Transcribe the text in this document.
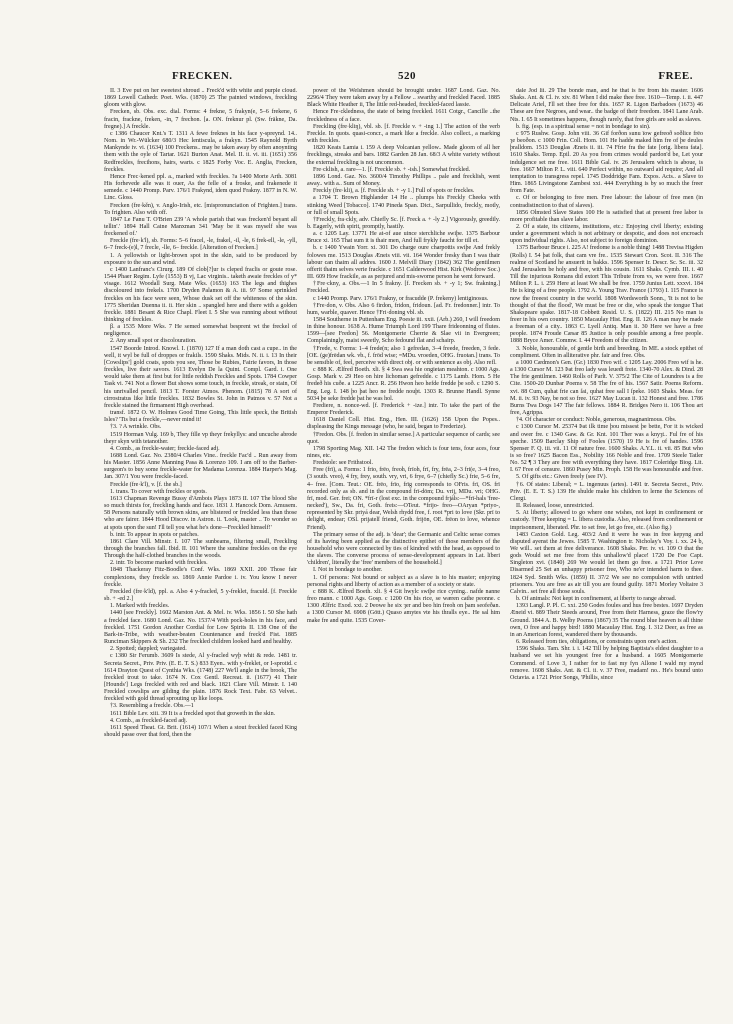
FRECKEN.	520	FREE.

II. 3 Eve put on her sweetest shroud .. Freck'd with white and purple cloud. 1869 Lowell Cathedr. Poet. Wks. (1870) 25 The painted windows, freckling gloom with glow.

Frecken, sb. Obs. exc. dial. Forms: 4 frekne, 5 frakyn(e, 5–6 frekene, 6 fracin, frackne, freken, -in, 7 frechon. [a. ON. freknur pl. (Sw. fräkne, Da. fregne).] A freckle.

c 1386 Chaucer Knt.'s T. 1311 A fewe freknes in his face y-spreynd. 14.. Nom. in Wr.-Wülcker 680/3 Hec lentiscula, a frakyn. 1545 Raynold Byrth Mankynde iv. vi. (1634) 100 Freckens.. may be taken away by often anoynting them with the oyle of Tartar. 1621 Burton Anat. Mel. II. ii. vi. iii. (1651) 356 Redfreckles, frecihons, hairs, warts. c 1825 Forby Voc. E. Anglia, Frecken, freckles.

Hence Frec·kened ppl. a., marked with freckles. ?a 1400 Morte Arth. 3081 His forhevede alle was it ouer, As the felle of a froske, and frakenede it semede. c 1440 Promp. Parv. 176/1 Frakynd, idem quod Frakny. 1877 in N. W. Linc. Gloss.

Frecken (fre·kěn), v. Anglo-Irish, etc. [mispronunciation of Frighten.] trans. To frighten. Also with off.

1847 Le Fanu T. O'Brien 239 'A whole parish that was frecken'd beyant all tellin'.' 1894 Hall Caine Manxman 341 'May be it was myself she was freckened of.'

Freckle (fre·k'l), sb. Forms: 5–6 fracel, -le, frakel, -il, -le, 6 frek-ell, -le, -yll, 6–7 freck-(e)l, 7 frecle, -lle, 6– freckle. [Alteration of Frecken.]

1. A yellowish or light-brown spot in the skin, said to be produced by exposure to the sun and wind.

c 1400 Lanfranc's Cirurg. 189 Of clob[?]ur is cleped fraclis or goute rose. 1544 Phaer Regim. Lyfe (1553) B vj, Lac virginis.. taketh awaie freckles of y* visage. 1612 Woodall Surg. Mate Wks. (1653) 163 The legs and thighes discoloured into frekels. 1700 Dryden Palamon & A. iii. 97 Some sprinkled freckles on his face were seen, Whose dusk set off the whiteness of the skin. 1775 Sheridan Duenna ii. ii. Her skin .. spangled here and there with a golden freckle. 1881 Besant & Rice Chapl. Fleet I. 5 She was running about without thinking of freckles.

β. a 1535 More Wks. 7 He semed somewhat besprent wt the freckel of negligence.

2. Any small spot or discolouration.

1547 Boorde Introd. Knowl. I. (1870) 127 If a man doth cast a cupe.. in the well, it wyl be full of droppes or frakils. 1590 Shaks. Mids. N. ii. i. 13 In their [Cowslips'] gold coats, spots you see, Those be Rubies, Fairie favors, In those freckles, live their savors. 1613 Evelyn De la Quint. Compl. Gard. i. One would take them at first but for little reddish Freckles and Spots. 1784 Cowper Task vi. 741 Not a flower But shows some touch, in freckle, streak, or stain, Of his unrivalled pencil. 1813 T. Forster Atmos. Phenom. (1815) 78 A sort of cirrostratus like little freckles. 1832 Bowles St. John in Patmos v. 57 Not a freckle stained the firmament High overhead.

transf. 1872 O. W. Holmes Good Time Going, This little speck, the British Isles? 'Tis but a freckle,—never mind it!

†3. ? A wrinkle. Obs.

1519 Horman Vulg. 169 b, They fille vp theyr frekyllys: and uncuche abrode theyr skyn with tetanother.

4. Comb., as freckle-water; freckle-faced adj.

1688 Lond. Gaz. No. 2380/4 Charles Vine.. freckle Fac'd .. Run away from his Master. 1856 Anne Manning Pasa & Lorenzo 109. I am off to the Barber-surgeon's to buy some freckle-water for Madama Lorenza. 1884 Harper's Mag. Jan. 307/1 You were freckle-faced.

Freckle (fre·k'l), v. [f. the sb.]

1. trans. To cover with freckles or spots.

1613 Chapman Revenge Bussy d'Ambois Plays 1873 II. 107 The blood She so much thirsts for, freckling hands and face. 1831 J. Hancock Dom. Amusem. 58 Persons naturally with brown skins, are blistered or freckled less than those who are fairer. 1844 Hood Discov. in Astron. ii. 'Look, master .. To wonder so at spots upon the sun! I'll tell you what he's done—Freckled himself!'

b. intr. To appear in spots or patches.

1861 Clare Vill. Minstr. I. 107 The sunbeams, filtering small, Freckling through the branches fall. Ibid. II. 101 Where the sunshine freckles on the eye Through the half-clothed branches in the woods.

2. intr. To become marked with freckles.

1848 Thackeray Fitz-Boodle's Conf. Wks. 1869 XXII. 200 Those fair complexions, they freckle so. 1869 Annie Pardoe i. iv. You know I never freckle.

Freckled (fre·k'ld), ppl. a. Also 4 y-fracled, 5 y-freklet, fraculd. [f. Freckle sb. + -ed 2.]

1. Marked with freckles.

1440 [see Freckly]. 1602 Marston Ant. & Mel. iv. Wks. 1856 I. 50 She hath a freckled face. 1680 Lond. Gaz. No. 1537/4 With pock-holes in his face, and freckled. 1751 Gordon Another Cordial for Low Spirits II. 138 One of the Bark-in-Tribe, with weather-beaten Countenance and freck'd Fist. 1885 Runciman Skippers & Sh. 232 The freckled children looked hard and healthy.

2. Spotted; dappled; variegated.

c 1380 Sir Ferumb. 3609 Is stede, Al y-fracled wyþ whit & rede. 1481 tr. Secreta Secret., Priv. Priv. (E. E. T. S.) 833 Eyen.. with y-freklet, or I-sprotid. c 1614 Drayton Quest of Cynthia Wks. (1748) 227 We'll angle in the brook, The freckled trout to take. 1674 N. Cox Gentl. Recreat. ii. (1677) 41 Their [Hounds'] Legs freckled with red and black. 1821 Clare Vill. Minstr. I. 140 Freckled cowslips are gilding the plain. 1876 Rock Text. Fabr. 63 Velvet.. freckled with gold thread sprouting up like loops.

†3. Resembling a freckle. Obs.—1

1611 Bible Lev. xiii. 39 It is a freckled spot that groweth in the skin.

4. Comb., as freckled-faced adj.

1611 Speed Theat. Gt. Brit. (1614) 107/1 When a stout freckled faced King should passe over that ford, then the

power of the Welshmen should be brought under. 1687 Lond. Gaz. No. 2296/4 They were taken away by a Fellow .. swarthy and freckled Faced. 1885 Black White Heather ii, The little red-headed, freckled-faced lassie.

Hence Fre·ckledness, the state of being freckled. 1611 Cotgr., Cancille ..the freckledness of a face.

Freckling (fre·kliŋ), vbl. sb. [f. Freckle v. + -ing 1.] The action of the verb Freckle. In quots. quasi-concr., a mark like a freckle. Also collect., a marking with freckles.

1820 Keats Lamia i. 159 A deep Volcanian yellow.. Made gloom of all her frecklings, streaks and bars. 1882 Garden 28 Jan. 68/3 A white variety without the external freckling is not uncommon.

Fre·cklish, a. rare—1. [f. Freckle sb. + -ish.] Somewhat freckled.

1896 Lond. Gaz. No. 3600/4 Timothy Phillips .. pale and frecklish, went away.. with a.. Sum of Money.

Freckly (fre·kli), a. [f. Freckle sb. + -y 1.] Full of spots or freckles.

a 1704 T. Brown Highlander 14 He .. plumps his Freckly Cheeks with stinking Weed [Tobacco]. 1740 Pineda Span. Dict., Sarpullido, freckly, motly, or full of small Spots.

†Freckly, fra·ckly, adv. Chiefly Sc. [f. Freck a. + -ly 2.] Vigorously, greedily. b. Eagerly, with spirit, promptly, hastily.

a. c 1205 Lay. 13771 He at-of aue uince sterchliche swiþe. 1375 Barbour Bruce xi. 165 That sum it is thair men, And full frykly faucht for till et.

b. c 1400 Ywain Yorr. xi. 301 Do charge oure charpottis swiþe And frekly folowes me. 1513 Douglas Æneis viii. vii. 164 Wonder fresky than I was thair labour can thaim all addres. 1600 J. Melvill Diary (1842) 362 The gentilmen offerit thaim selves verie frackie. c 1651 Calderwood Hist. Kirk (Wodrow Soc.) III. 609 How frackile, as as perjured and mis-sworne person he went forward.

†Fre·ckny, a. Obs.—1 In 5 frakny. [f. Frecken sb. + -y 1; Sw. frakning.] Freckled.

c 1440 Promp. Parv. 176/1 Frakny, or fracudde (P. frekeny) lentiginosus.

†Fre·don, v. Obs. Also 6 firdon, fridon, fridoun. [ad. Fr. fredonner.] intr. To hum, warble, quaver. Hence †Fri·doning vbl. sb.

1584 Southerne in Puttenham Eng. Poesie iii. xxii. (Arb.) 260, I will freedom in thine honour. 1638 A. Hume Triumph Lord 199 Thare frideonning of flutes. 1599—[see Fredon] 56. Montgomerie Cherrie & Slae vii in Evergreen; Complainingly, maist sweetly, Scho fedound flat and schairp.

†Frede, v. Forms: 1–4 frede(n; also 1 gefredan, 3–4 freede, freeden, 3 fede. [OE. (ge)frēdan wk. vb., f. frōd wise; =MDu. vroeden, OHG. fruotan.] trans. To be sensible of, feel, perceive with direct obj. or with sentence as obj. Also refl.

c 888 K. Ælfred Boeth. xli. § 4 Swa swa hie ongietan meahton. c 1000 Ags. Gosp. Mark v. 29 Heo on hire lichoman gefredde. c 1175 Lamb. Hom. 5 He fredeð his cuðe. a 1225 Ancr. R. 256 Hwon heo hefde fredde þe soð. c 1290 S. Eng. Leg. I. 148 þo þat heo ne fredde nouþt. 1303 R. Brunne Handl. Synne 5034 þe seke fredde þat he was hol.

Frediere, n. nonce-wd. [f. Frederick + -ize.] intr. To take the part of the Emperor Frederick.

1618 Daniel Coll. Hist. Eng., Hen. III. (1626) 158 Upon the Popes.. displeasing the Kings message (who, he said, began to Frederize).

†Fredon. Obs. [f. fredon in similar sense.] A particular sequence of cards; see quot.

1798 Sporting Mag. XII. 142 The fredon which is four tens, four aces, four nines, etc.

Fredstole: see Frithstool.

Free (frī), a. Forms: 1 frio, frēo, freoh, frīoh, frī, fry, frēa, 2–3 fri(e, 3–4 freo, (3 south. vreo), 4 fry, frey, south. vry, vri, 6 frye, 6–7 (chiefly Sc.) frie, 5–6 fre, 4– free. [Com. Teut.: OE. frēo, frīo, frīg corresponds to OFris. frī, OS. frī recorded only as sb. and in the compound frī-dōm; Du. vrij, MDu. vri; OHG. frī, mod. Ger. frei; ON. *frī-r (lost exc. in the compound frjáls:—*frī-hals 'free-necked'), Sw., Da. fri, Goth. freis:—OTeut. *frijo- freo—OAryan *priyo-, represented by Skr. priyá dear, Welsh rhydd free, f. root *pri to love (Skr. prī to delight, endear; OSl. prijatelĭ friend, Goth. frijōn, OE. frēon to love, whence Friend).

The primary sense of the adj. is 'dear'; the Germanic and Celtic sense comes of its having been applied as the distinctive epithet of those members of the household who were connected by ties of kindred with the head, as opposed to the slaves. The converse process of sense-development appears in Lat. līberi 'children', literally the 'free' members of the household.]

I. Not in bondage to another.

1. Of persons: Not bound or subject as a slave is to his master; enjoying personal rights and liberty of action as a member of a society or state.

c 888 K. Ælfred Boeth. xli. § 4 Git hwylc swiþe rice cyning.. nafde nanne freo mann. c 1000 Ags. Gosp. c 1200 On his rice, se wæren cathe peonne. c 1300 Ælfric Exod. xxi. 2 Þeowe he six ȝer and beo hin freoh on þam seofeðan. a 1300 Cursor M. 6908 (Gött.) Quaso amytes vte his thralls eye.. He sal him make fre and quite. 1535 Cover-

dale Jod lii. 29 The bonde man, and he that is fre from his master. 1606 Shaks. Ant. & Cl. iv. xiv. 81 When I did make thee free. 1610—Temp. i. ii. 447 Delicate Ariel, I'll set thee free for this. 1657 R. Ligon Barbadoes (1673) 46 These are free Negroes, and wear.. the badge of their freedom. 1841 Lane Arab. Nts. I. 65 It sometimes happens, though rarely, that free girls are sold as slaves.

b. fig. (esp. in a spiritual sense = not in bondage to sin).

c 975 Rushw. Gosp. John viii. 36 Gif forðon sunu ïow gefreoð soðlice frēo ȝe beoðon. c 1000 Frin. Coll. Hom. 101 He hadde maked him fre of þe deules þralldom. 1513 Douglas Æneis ii. iii. 74 Ffrie fra the fate [orig. libera fata]. 1610 Shaks. Temp. Epil. 20 As you from crimes would pardon'd be, Let your indulgence set me free. 1611 Bible Gal. iv. 26 Jerusalem which is aboue, is free. 1667 Milton P. L. viii. 640 Perfect within, no outward aid require; And all temptation to transgress repel. 1745 Doddridge Fam. Expos. Acts.. a Slave to Him. 1865 Livingstone Zambesi xxi. 444 Everything is by so much the freer from Fate.

c. Of or belonging to free men. Free labour: the labour of free men (in contradistinction to that of slaves).

1856 Olmsted Slave States 100 He is satisfied that at present free labor is more profitable than slave labor.

2. Of a state, its citizens, institutions, etc.: Enjoying civil liberty; existing under a government which is not arbitrary or despotic, and does not encroach upon individual rights. Also, not subject to foreign dominion.

1375 Barbour Bruce i. 225 A! fredome is a noble thing! 1488 Trevisa Higden (Rolls) I. 54 þat folk, that cam vre fre.. 1535 Stewart Cron. Scot. II. 316 The realme of Scotland he ansuerit in bakks. 1596 Spenser Ir. Descr. Sc. Sc. iii. 32 And Jerusalem be holy and free, with his cousin. 1611 Shaks. Cymb. III. i. 40 Till the injurious Romans did extort This Tribute from vs, we were free. 1667 Milton P. L. i. 259 Here at least We shall be free. 1759 Junius Lett. xxxvi. 184 He is king of a free people. 1792 A. Young Trav. France (1793) I. 115 France is now the freeest country in the world. 1808 Wordsworth Sonn., 'It is not to be thought of that the flood', We must be free or die, who speak the tongue That Shakspeare spake. 1817-18 Cobbett Resid. U. S. (1822) III. 215 No man is freer in his own country. 1850 Macaulay Hist. Eng. II. 126 A man may be made a freeman of a city.. 1863 C. Lyell Antiq. Man ii. 30 Here we have a free people. 1874 Froude Cæsar 85 Justice is only possible among a free people. 1888 Bryce Amer. Commw. I. 44 Freedom of the citizen.

3. Noble, honourable, of gentle birth and breeding. In ME. a stock epithet of compliment. Often in alliterative phr. fair and free. Obs.

a 1000 Cædmon's Gen. (Gr.) 1830 Freo wif. c 1205 Lay. 2006 Freo wif is he. a 1300 Cursor M. 123 Þat freo lady was leuedi freie. 1340-70 Alex. & Dind. 28 The frie gentilmen. 1460 Rolls of Parlt. V. 375/2 The Cite of Loundres is a fre Cite. 1500-20 Dunbar Poems v. 58 The fre of his. 1567 Satir. Poems Reform. xvi. 88 Cum, quhat frie can ſai, quhat free sall I ſpeke. 1603 Shaks. Meas. for M. ii. iv. 93 Nay, be not so free. 1627 May Lucan ii. 132 Honest and free. 1786 Burns Twa Dogs 147 The fair fellows. 1884 R. Bridges Nero ii. 106 Thou art free, Agrippa.

†4. Of character or conduct: Noble, generous, magnanimous. Obs.

c 1300 Cursor M. 25374 Þat ilk time þou missest þe bette, For it is wicked and ower fre. c 1340 Gaw. & Gr. Knt. 101 Ther was a knyȝt.. Ful fre of his speche. 1509 Barclay Ship of Fooles (1570) 19 He is fre of handes. 1596 Spenser F. Q. iii. vii. 11 Of nature free. 1600 Shaks. A.Y.L. ii. vii. 85 But who is so free? 1625 Bacon Ess., Nobility 166 Noble and free. 1709 Steele Tatler No. 52 ¶ 3 They are free with everything they have. 1817 Coleridge Biog. Lit. I. 67 Free of censure. 1860 Pusey Min. Proph. 158 He was honourable and free.

5. Of gifts etc.: Given freely (see IV).

†6. Of states: Liberal; = L. ingenuus (artes). 1491 tr. Secreta Secret., Priv. Priv. (E. E. T. S.) 139 He shulde make his children to lerne the Sciences of Clergi.

II. Released, loose, unrestricted.

5. At liberty; allowed to go where one wishes, not kept in confinement or custody. †Free keeping = L. libera custodia. Also, released from confinement or imprisonment, liberated. Phr. to set free, let go free, etc. (Also fig.)

1483 Caxton Gold. Leg. 403/2 And it were he was in free kepyng and disputed ayenst the Jewes. 1585 T. Washington tr. Nicholay's Voy. i. xx. 24 b, We will.. set them at free deliverance. 1608 Shaks. Per. iv. vi. 109 O that the gods Would set me free from this unhallow'd place! 1720 De Foe Capt. Singleton xvi. (1840) 269 We would let them go free. a 1721 Prior Love Disarmed 25 Set an unhappy prisoner free, Who ne'er intended harm to thee. 1824 Syd. Smith Wks. (1859) II. 37/2 We see no compulsion with untried prisoners. You are free as air till you are found guilty. 1871 Morley Voltaire 3 Calvin.. set free all those souls.

b. Of animals: Not kept in confinement, at liberty to range abroad.

1393 Langl. P. Pl. C. xxi. 250 Godes foules and hus free bestes. 1697 Dryden Æneid vi. 889 Their Steeds around, Free from their Harness, graze the flow'ry Ground. 1844 A. B. Welby Poems (1867) 35 The round blue heaven is all thine own, O free and happy bird! 1880 Macaulay Hist. Eng. I. 312 Deer, as free as in an American forest, wandered there by thousands.

6. Released from ties, obligations, or constraints upon one's action.

1596 Shaks. Tam. Shr. i. i. 142 Till by helping Baptista's eldest daughter to a husband we set his youngest free for a husband. a 1605 Montgomerie Commend. of Love 3, I rather for to fast my fyn Allone I wald my mynd remove. 1608 Shaks. Ant. & Cl. ii. v. 37 Free, madam! no.. He's bound unto Octavia. a 1721 Prior Songs, 'Phillis, since
